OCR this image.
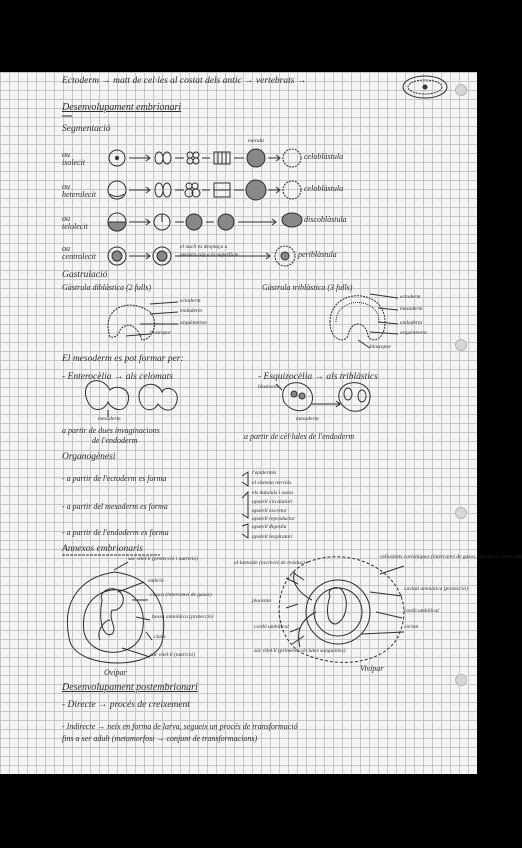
Ectoderm → matt de cel·les al costat dels antic → vertebrats →
Desenvolupament embrionari
Segmentació
ou
isolecit
celoblàstula
mòrula
ou
heterolecit
celoblàstula
ou
telolecit
discoblàstula
ou
centrolecit
el nucli es desplaça a
mesura cap a la superfície	periblàstula
Gastrulació
Gàstrula diblàstica (2 fulls)	Gàstrula triblàstica (3 fulls)
ectoderm
endoderm
arquènteron
blastopor
ectoderm
mesoderm
endoderm
arquènteron
blastopor
El mesoderm es pot formar per:
- Enterocèlia → als celomats	- Esquizocèlia → als triblàstics
blastocel
mesoderm	mesoderm
a partir de dues invaginacions
de l'endoderm	a partir de cèl·lules de l'endoderm
Organogènesi
- a partir de l'ectoderm es forma
l'epidermis
el sistema nerviós
- a partir del mesoderm es forma
els músculs i ossos
aparell circulatori
aparell excretor
aparell reproductor
- a partir de l'endoderm es forma
aparell digestiu
aparell respiratori
Annexos embrionaris
sac vitel·lí (protecció i nutrició)
embrió
closca (intercanvi de gasos)
bossa amniòtica (protecció)
clara
sac vitel·lí (nutrició)
al·lantoide (excreció de residus)
placenta
cordó umbilical
sac vitel·lí (primeres cèl·lules sanguínies)
vellositats coriòniques (intercanvi de gasos, nutrients i excreció)
cavitat amniòtica (protecció)
cordó umbilical
còrion
Ovípar	Vivípar
Desenvolupament postembrionari
- Directe → procés de creixement
- Indirecte → neix en forma de larva, segueix un procés de transformació
fins a ser adult (metamorfosi → conjunt de transformacions)
